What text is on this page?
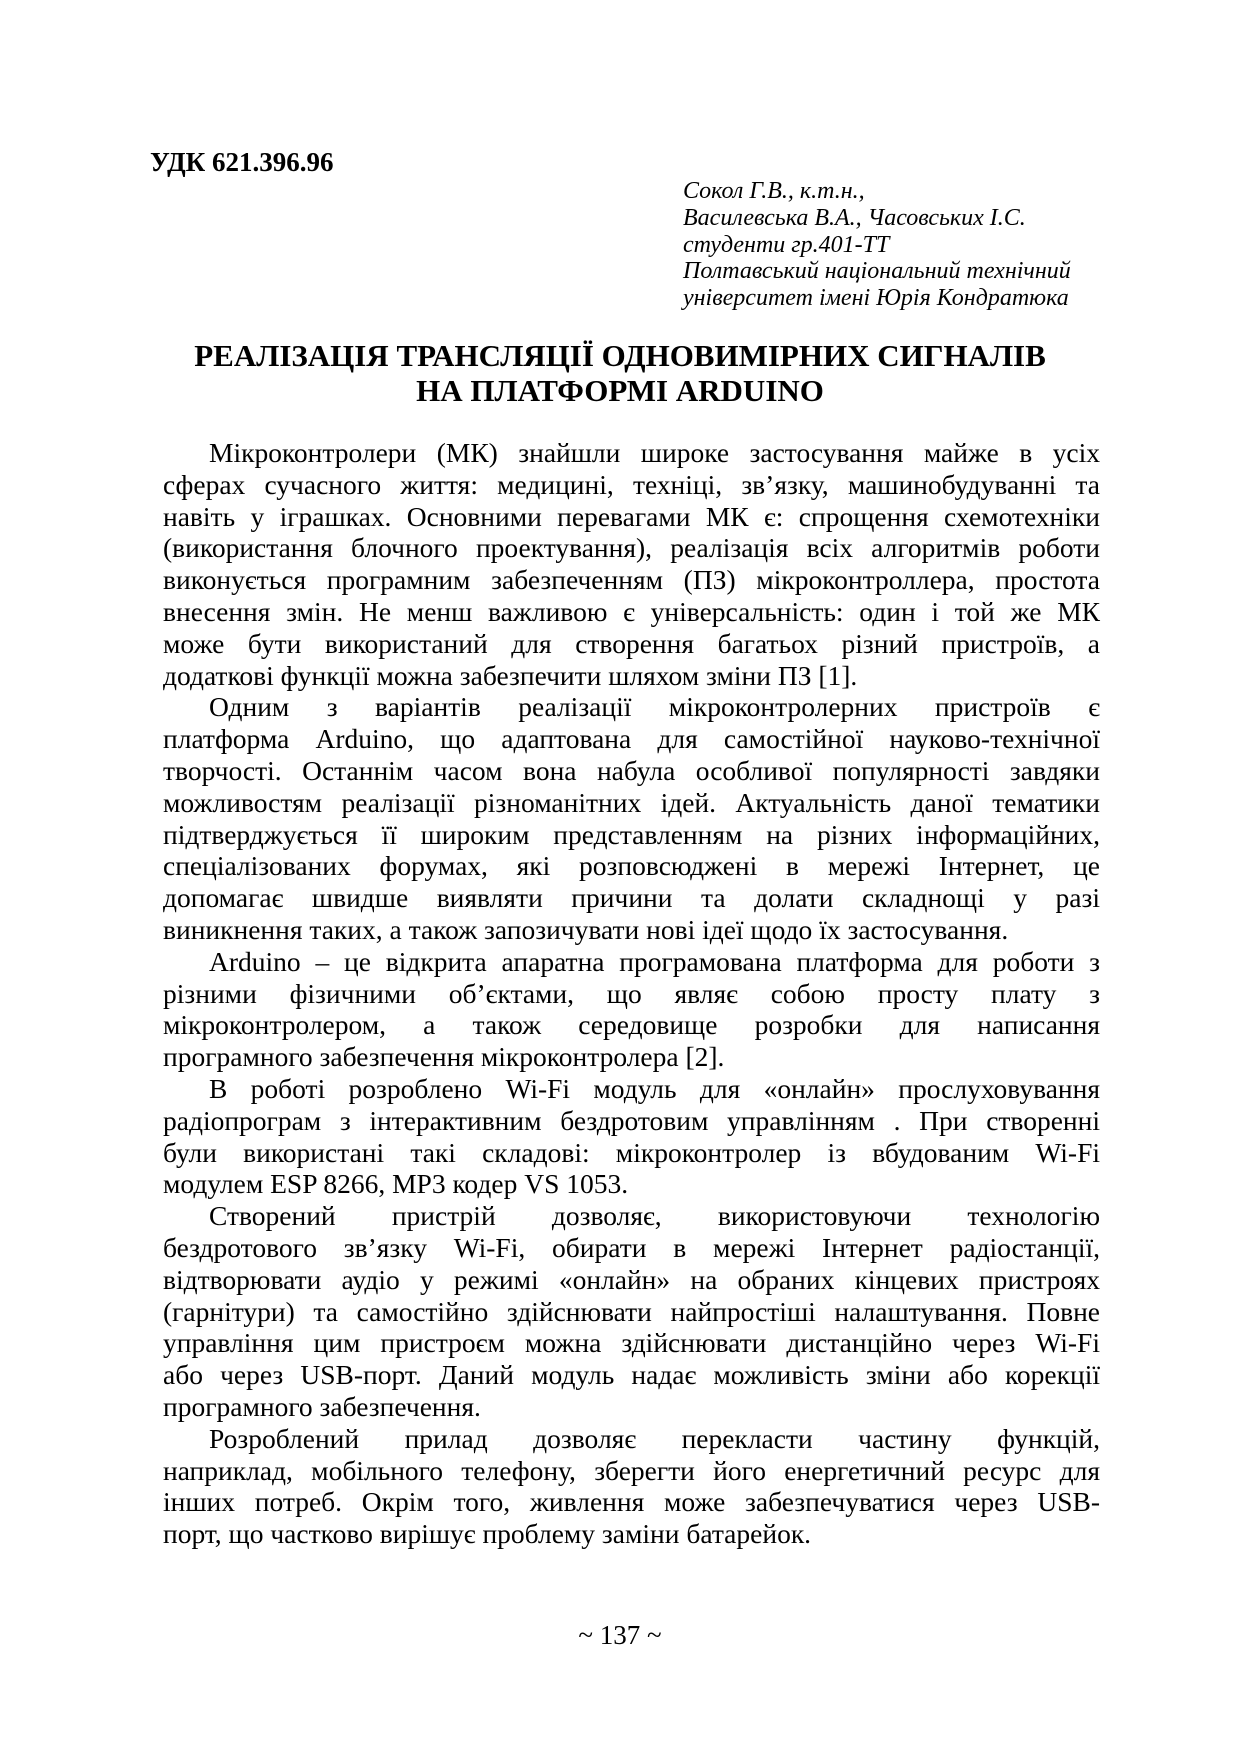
УДК 621.396.96
Сокол Г.В., к.т.н.,
Василевська В.А., Часовських І.С.
студенти гр.401-ТТ
Полтавський національний технічний
університет імені Юрія Кондратюка
РЕАЛІЗАЦІЯ ТРАНСЛЯЦІЇ ОДНОВИМІРНИХ СИГНАЛІВ
НА ПЛАТФОРМІ ARDUINO
Мікроконтролери (МК) знайшли широке застосування майже в усіх
сферах сучасного життя: медицині, техніці, зв’язку, машинобудуванні та
навіть у іграшках. Основними перевагами МК є: спрощення схемотехніки
(використання блочного проектування), реалізація всіх алгоритмів роботи
виконується програмним забезпеченням (ПЗ) мікроконтроллера, простота
внесення змін. Не менш важливою є універсальність: один і той же МК
може бути використаний для створення багатьох різний пристроїв, а
додаткові функції можна забезпечити шляхом зміни ПЗ [1].
Одним з варіантів реалізації мікроконтролерних пристроїв є
платформа Arduino, що адаптована для самостійної науково-технічної
творчості. Останнім часом вона набула особливої популярності завдяки
можливостям реалізації різноманітних ідей. Актуальність даної тематики
підтверджується її широким представленням на різних інформаційних,
спеціалізованих форумах, які розповсюджені в мережі Інтернет, це
допомагає швидше виявляти причини та долати складнощі у разі
виникнення таких, а також запозичувати нові ідеї щодо їх застосування.
Arduino – це відкрита апаратна програмована платформа для роботи з
різними фізичними об’єктами, що являє собою просту плату з
мікроконтролером, а також середовище розробки для написання
програмного забезпечення мікроконтролера [2].
В роботі розроблено Wi-Fi модуль для «онлайн» прослуховування
радіопрограм з інтерактивним бездротовим управлінням . При створенні
були використані такі складові: мікроконтролер із вбудованим Wi-Fi
модулем ESP 8266, MP3 кодер VS 1053.
Створений пристрій дозволяє, використовуючи технологію
бездротового зв’язку Wi-Fi, обирати в мережі Інтернет радіостанції,
відтворювати аудіо у режимі «онлайн» на обраних кінцевих пристроях
(гарнітури) та самостійно здійснювати найпростіші налаштування. Повне
управління цим пристроєм можна здійснювати дистанційно через Wi-Fi
або через USB-порт. Даний модуль надає можливість зміни або корекції
програмного забезпечення.
Розроблений прилад дозволяє перекласти частину функцій,
наприклад, мобільного телефону, зберегти його енергетичний ресурс для
інших потреб. Окрім того, живлення може забезпечуватися через USB-
порт, що частково вирішує проблему заміни батарейок.
~ 137 ~
